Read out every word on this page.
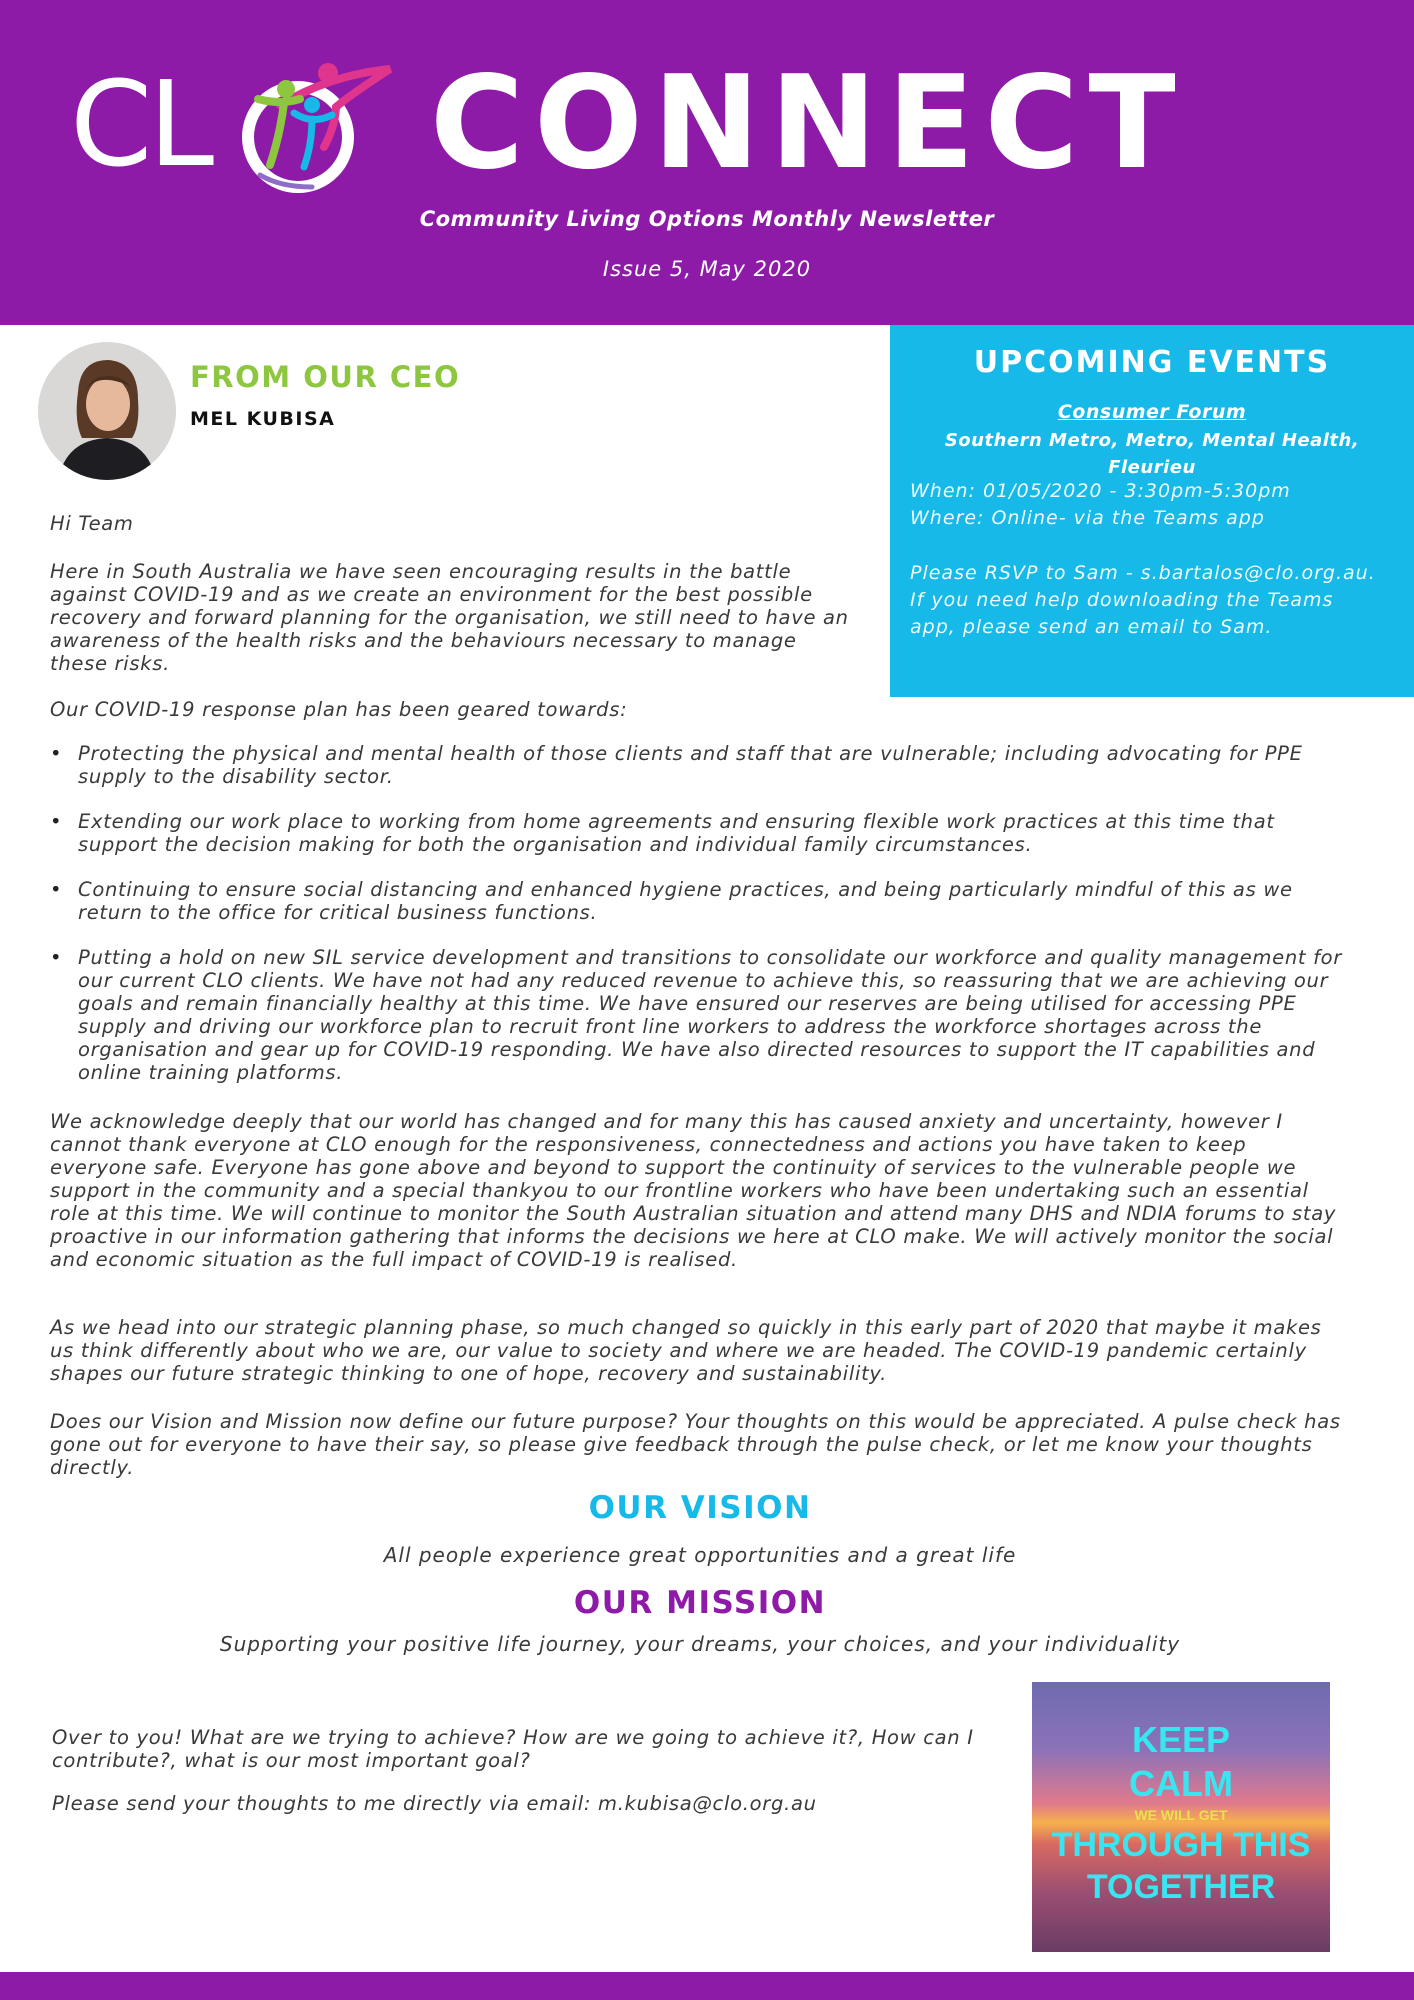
CL CONNECT
Community Living Options Monthly Newsletter
Issue 5, May 2020
FROM OUR CEO
MEL KUBISA
UPCOMING EVENTS
Consumer Forum
Southern Metro, Metro, Mental Health, Fleurieu
When: 01/05/2020 - 3:30pm-5:30pm
Where: Online- via the Teams app
Please RSVP to Sam - s.bartalos@clo.org.au.
If you need help downloading the Teams
app, please send an email to Sam.
Hi Team
Here in South Australia we have seen encouraging results in the battle against COVID-19 and as we create an environment for the best possible recovery and forward planning for the organisation, we still need to have an awareness of the health risks and the behaviours necessary to manage these risks.
Our COVID-19 response plan has been geared towards:
• Protecting the physical and mental health of those clients and staff that are vulnerable; including advocating for PPE supply to the disability sector.
• Extending our work place to working from home agreements and ensuring flexible work practices at this time that support the decision making for both the organisation and individual family circumstances.
• Continuing to ensure social distancing and enhanced hygiene practices, and being particularly mindful of this as we return to the office for critical business functions.
• Putting a hold on new SIL service development and transitions to consolidate our workforce and quality management for our current CLO clients. We have not had any reduced revenue to achieve this, so reassuring that we are achieving our goals and remain financially healthy at this time. We have ensured our reserves are being utilised for accessing PPE supply and driving our workforce plan to recruit front line workers to address the workforce shortages across the organisation and gear up for COVID-19 responding. We have also directed resources to support the IT capabilities and online training platforms.
We acknowledge deeply that our world has changed and for many this has caused anxiety and uncertainty, however I cannot thank everyone at CLO enough for the responsiveness, connectedness and actions you have taken to keep everyone safe. Everyone has gone above and beyond to support the continuity of services to the vulnerable people we support in the community and a special thankyou to our frontline workers who have been undertaking such an essential role at this time. We will continue to monitor the South Australian situation and attend many DHS and NDIA forums to stay proactive in our information gathering that informs the decisions we here at CLO make. We will actively monitor the social and economic situation as the full impact of COVID-19 is realised.
As we head into our strategic planning phase, so much changed so quickly in this early part of 2020 that maybe it makes us think differently about who we are, our value to society and where we are headed. The COVID-19 pandemic certainly shapes our future strategic thinking to one of hope, recovery and sustainability.
Does our Vision and Mission now define our future purpose? Your thoughts on this would be appreciated. A pulse check has gone out for everyone to have their say, so please give feedback through the pulse check, or let me know your thoughts directly.
OUR VISION
All people experience great opportunities and a great life
OUR MISSION
Supporting your positive life journey, your dreams, your choices, and your individuality
Over to you! What are we trying to achieve? How are we going to achieve it?, How can I contribute?, what is our most important goal?
Please send your thoughts to me directly via email: m.kubisa@clo.org.au
KEEP
CALM
WE WILL GET
THROUGH THIS
TOGETHER
